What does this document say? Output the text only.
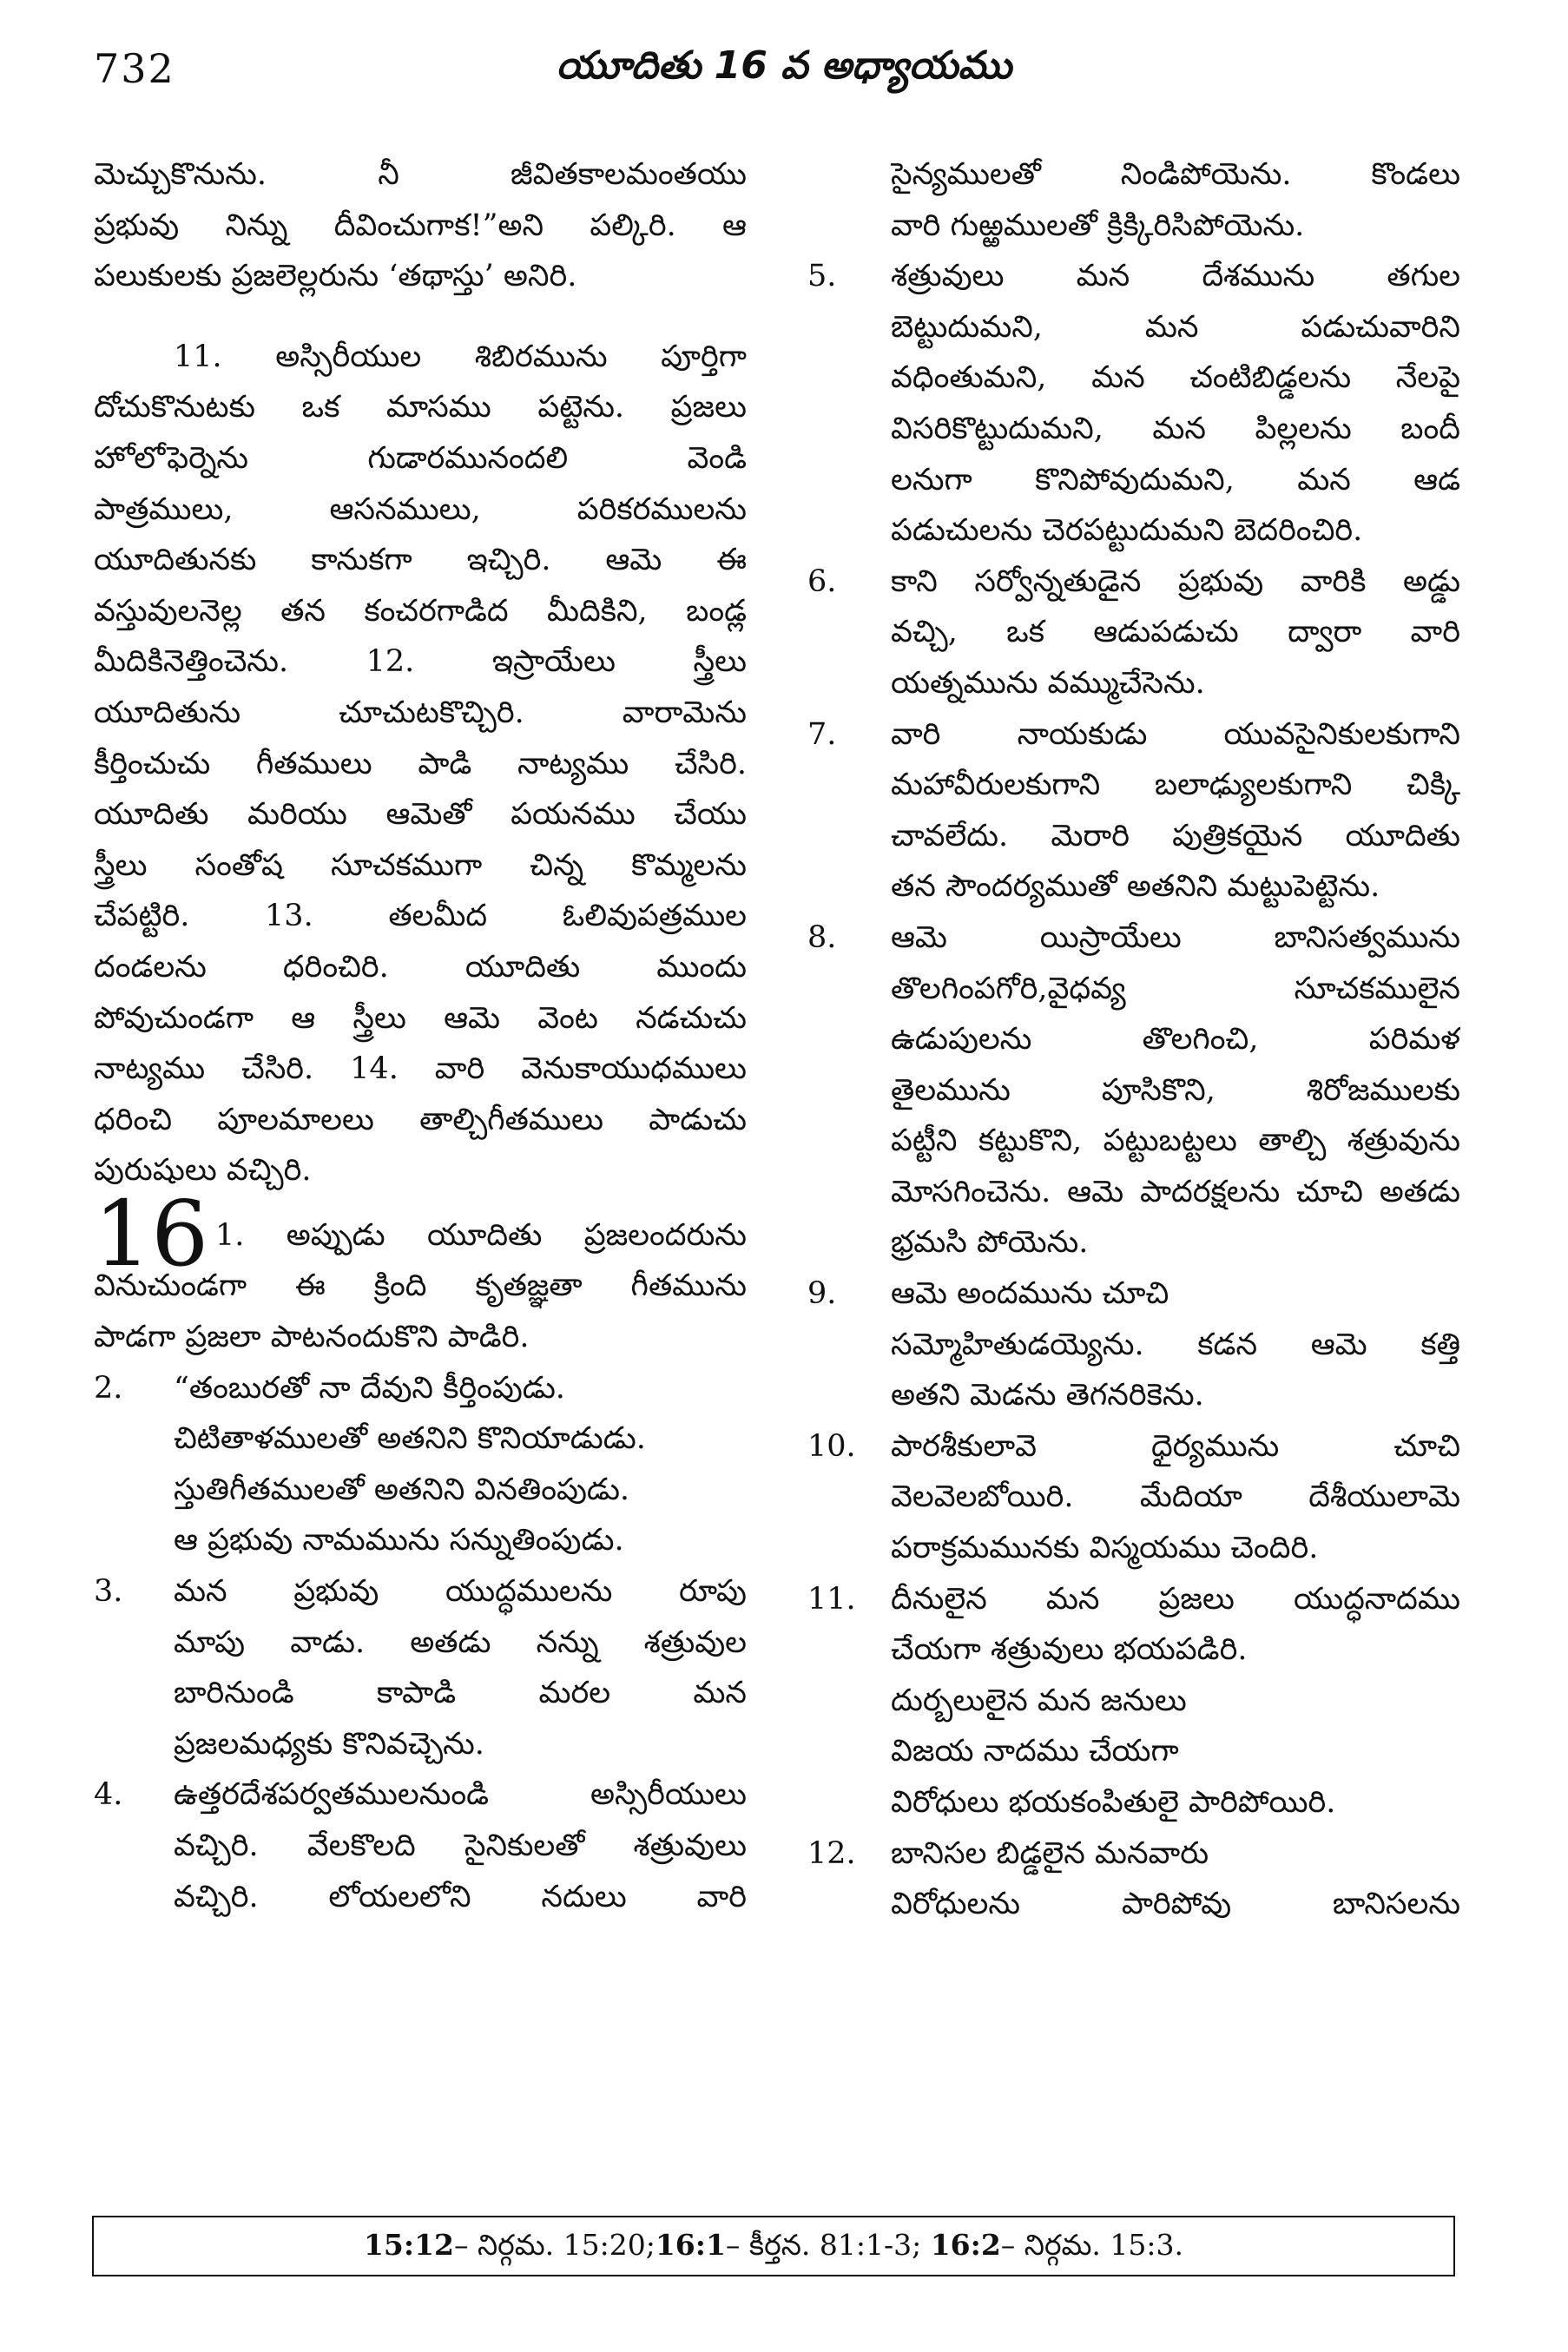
732	యూదితు 16 వ అధ్యాయము
మెచ్చుకొనును. నీ జీవితకాలమంతయు
ప్రభువు నిన్ను దీవించుగాక!”అని పల్కిరి. ఆ
పలుకులకు ప్రజలెల్లరును ‘తథాస్తు’ అనిరి.
11. అస్సిరీయుల శిబిరమును పూర్తిగా
దోచుకొనుటకు ఒక మాసము పట్టెను. ప్రజలు
హోలోఫెర్నెను గుడారమునందలి వెండి
పాత్రములు, ఆసనములు, పరికరములను
యూదితునకు కానుకగా ఇచ్చిరి. ఆమె ఈ
వస్తువులనెల్ల తన కంచరగాడిద మీదికిని, బండ్ల
మీదికినెత్తించెను. 12. ఇస్రాయేలు స్త్రీలు
యూదితును చూచుటకొచ్చిరి. వారామెను
కీర్తించుచు గీతములు పాడి నాట్యము చేసిరి.
యూదితు మరియు ఆమెతో పయనము చేయు
స్త్రీలు సంతోష సూచకముగా చిన్న కొమ్మలను
చేపట్టిరి. 13. తలమీద ఓలివుపత్రముల
దండలను ధరించిరి. యూదితు ముందు
పోవుచుండగా ఆ స్త్రీలు ఆమె వెంట నడచుచు
నాట్యము చేసిరి. 14. వారి వెనుకాయుధములు
ధరించి పూలమాలలు తాల్చిగీతములు పాడుచు
పురుషులు వచ్చిరి.
16 1. అప్పుడు యూదితు ప్రజలందరును
వినుచుండగా ఈ క్రింది కృతజ్ఞతా గీతమును
పాడగా ప్రజలా పాటనందుకొని పాడిరి.
2. “తంబురతో నా దేవుని కీర్తింపుడు.
చిటితాళములతో అతనిని కొనియాడుడు.
స్తుతిగీతములతో అతనిని వినతింపుడు.
ఆ ప్రభువు నామమును సన్నుతింపుడు.
3. మన ప్రభువు యుద్ధములను రూపు
మాపు వాడు. అతడు నన్ను శత్రువుల
బారినుండి కాపాడి మరల మన
ప్రజలమధ్యకు కొనివచ్చెను.
4. ఉత్తరదేశపర్వతములనుండి అస్సిరీయులు
వచ్చిరి. వేలకొలది సైనికులతో శత్రువులు
వచ్చిరి. లోయలలోని నదులు వారి
సైన్యములతో నిండిపోయెను. కొండలు
వారి గుఱ్ఱములతో క్రిక్కిరిసిపోయెను.
5. శత్రువులు మన దేశమును తగుల
బెట్టుదుమని, మన పడుచువారిని
వధింతుమని, మన చంటిబిడ్డలను నేలపై
విసరికొట్టుదుమని, మన పిల్లలను బందీ
లనుగా కొనిపోవుదుమని, మన ఆడ
పడుచులను చెరపట్టుదుమని బెదరించిరి.
6. కాని సర్వోన్నతుడైన ప్రభువు వారికి అడ్డు
వచ్చి, ఒక ఆడుపడుచు ద్వారా వారి
యత్నమును వమ్ముచేసెను.
7. వారి నాయకుడు యువసైనికులకుగాని
మహావీరులకుగాని బలాఢ్యులకుగాని చిక్కి
చావలేదు. మెరారి పుత్రికయైన యూదితు
తన సౌందర్యముతో అతనిని మట్టుపెట్టెను.
8. ఆమె యిస్రాయేలు బానిసత్వమును
తొలగింపగోరి,వైధవ్య సూచకములైన
ఉడుపులను తొలగించి, పరిమళ
తైలమును పూసికొని, శిరోజములకు
పట్టీని కట్టుకొని, పట్టుబట్టలు తాల్చి శత్రువును
మోసగించెను. ఆమె పాదరక్షలను చూచి అతడు
భ్రమసి పోయెను.
9. ఆమె అందమును చూచి
సమ్మోహితుడయ్యెను. కడన ఆమె కత్తి
అతని మెడను తెగనరికెను.
10. పారశీకులావె ధైర్యమును చూచి
వెలవెలబోయిరి. మేదియా దేశీయులామె
పరాక్రమమునకు విస్మయము చెందిరి.
11. దీనులైన మన ప్రజలు యుద్ధనాదము
చేయగా శత్రువులు భయపడిరి.
దుర్బలులైన మన జనులు
విజయ నాదము చేయగా
విరోధులు భయకంపితులై పారిపోయిరి.
12. బానిసల బిడ్డలైన మనవారు
విరోధులను పారిపోవు బానిసలను
15:12– నిర్గమ. 15:20;16:1– కీర్తన. 81:1-3; 16:2– నిర్గమ. 15:3.
